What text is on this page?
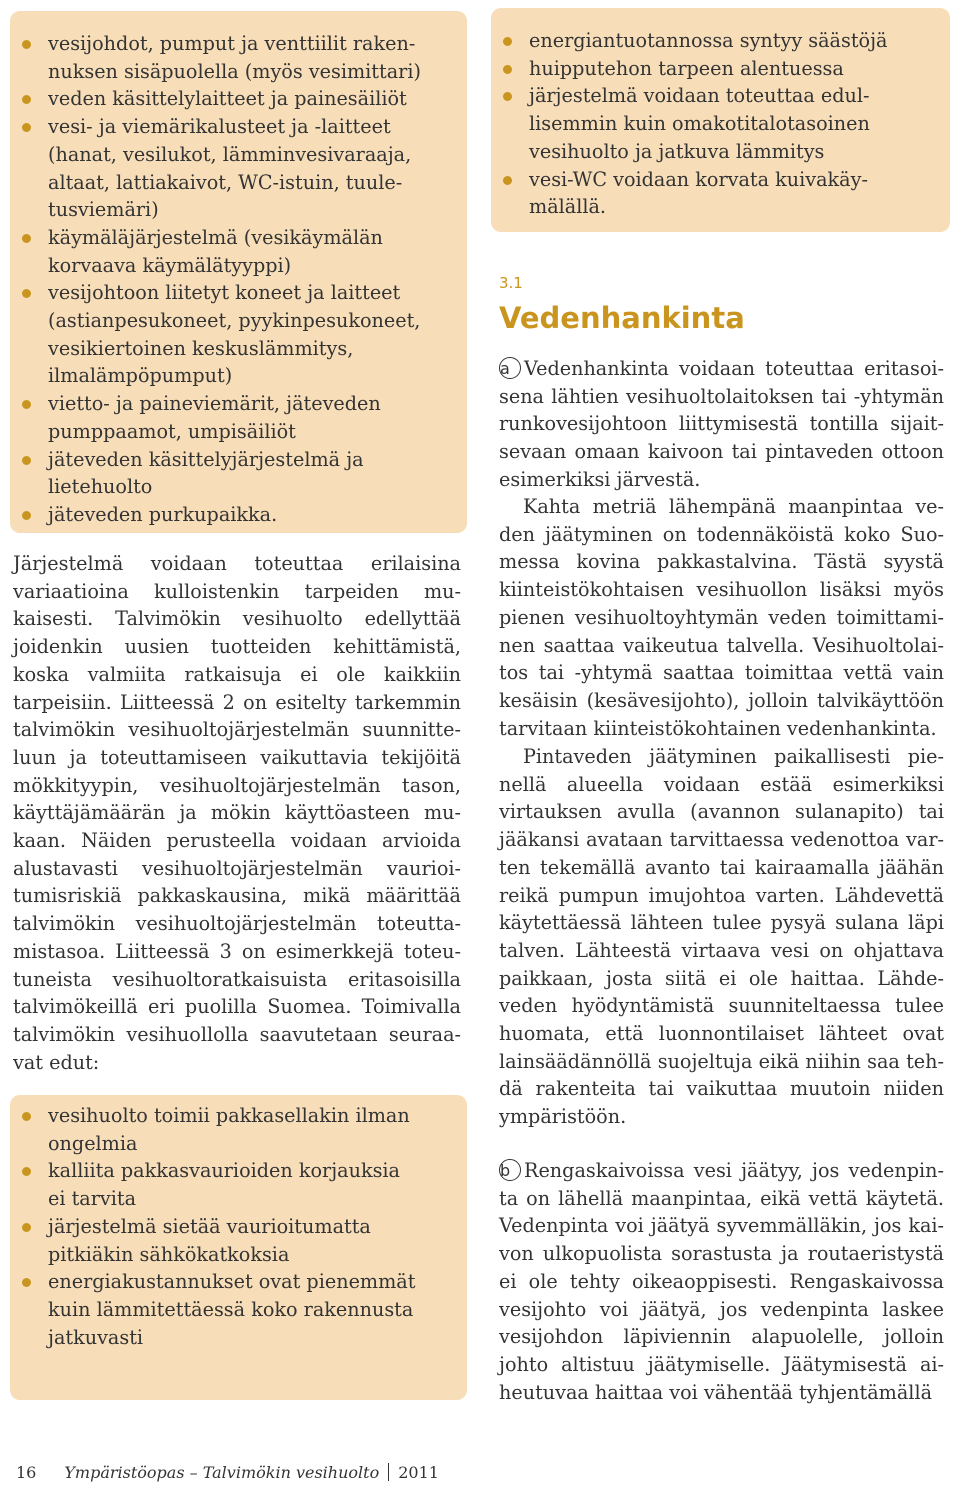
vesijohdot, pumput ja venttiilit raken-
nuksen sisäpuolella (myös vesimittari)
veden käsittelylaitteet ja painesäiliöt
vesi- ja viemärikalusteet ja -laitteet
(hanat, vesilukot, lämminvesivaraaja,
altaat, lattiakaivot, WC-istuin, tuule-
tusviemäri)
käymäläjärjestelmä (vesikäymälän
korvaava käymälätyyppi)
vesijohtoon liitetyt koneet ja laitteet
(astianpesukoneet, pyykinpesukoneet,
vesikiertoinen keskuslämmitys,
ilmalämpöpumput)
vietto- ja paineviemärit, jäteveden
pumppaamot, umpisäiliöt
jäteveden käsittelyjärjestelmä ja
lietehuolto
jäteveden purkupaikka.
Järjestelmä voidaan toteuttaa erilaisina
variaatioina kulloistenkin tarpeiden mu-
kaisesti. Talvimökin vesihuolto edellyttää
joidenkin uusien tuotteiden kehittämistä,
koska valmiita ratkaisuja ei ole kaikkiin
tarpeisiin. Liitteessä 2 on esitelty tarkemmin
talvimökin vesihuoltojärjestelmän suunnitte-
luun ja toteuttamiseen vaikuttavia tekijöitä
mökkityypin, vesihuoltojärjestelmän tason,
käyttäjämäärän ja mökin käyttöasteen mu-
kaan. Näiden perusteella voidaan arvioida
alustavasti vesihuoltojärjestelmän vaurioi-
tumisriskiä pakkaskausina, mikä määrittää
talvimökin vesihuoltojärjestelmän toteutta-
mistasoa. Liitteessä 3 on esimerkkejä toteu-
tuneista vesihuoltoratkaisuista eritasoisilla
talvimökeillä eri puolilla Suomea. Toimivalla
talvimökin vesihuollolla saavutetaan seuraa-
vat edut:
vesihuolto toimii pakkasellakin ilman
ongelmia
kalliita pakkasvaurioiden korjauksia
ei tarvita
järjestelmä sietää vaurioitumatta
pitkiäkin sähkökatkoksia
energiakustannukset ovat pienemmät
kuin lämmitettäessä koko rakennusta
jatkuvasti
energiantuotannossa syntyy säästöjä
huipputehon tarpeen alentuessa
järjestelmä voidaan toteuttaa edul-
lisemmin kuin omakotitalotasoinen
vesihuolto ja jatkuva lämmitys
vesi-WC voidaan korvata kuivakäy-
mälällä.
3.1
Vedenhankinta
a Vedenhankinta voidaan toteuttaa eritasoi-
sena lähtien vesihuoltolaitoksen tai -yhtymän
runkovesijohtoon liittymisestä tontilla sijait-
sevaan omaan kaivoon tai pintaveden ottoon
esimerkiksi järvestä.
Kahta metriä lähempänä maanpintaa ve-
den jäätyminen on todennäköistä koko Suo-
messa kovina pakkastalvina. Tästä syystä
kiinteistökohtaisen vesihuollon lisäksi myös
pienen vesihuoltoyhtymän veden toimittami-
nen saattaa vaikeutua talvella. Vesihuoltolai-
tos tai -yhtymä saattaa toimittaa vettä vain
kesäisin (kesävesijohto), jolloin talvikäyttöön
tarvitaan kiinteistökohtainen vedenhankinta.
Pintaveden jäätyminen paikallisesti pie-
nellä alueella voidaan estää esimerkiksi
virtauksen avulla (avannon sulanapito) tai
jääkansi avataan tarvittaessa vedenottoa var-
ten tekemällä avanto tai kairaamalla jäähän
reikä pumpun imujohtoa varten. Lähdevettä
käytettäessä lähteen tulee pysyä sulana läpi
talven. Lähteestä virtaava vesi on ohjattava
paikkaan, josta siitä ei ole haittaa. Lähde-
veden hyödyntämistä suunniteltaessa tulee
huomata, että luonnontilaiset lähteet ovat
lainsäädännöllä suojeltuja eikä niihin saa teh-
dä rakenteita tai vaikuttaa muutoin niiden
ympäristöön.
b Rengaskaivoissa vesi jäätyy, jos vedenpin-
ta on lähellä maanpintaa, eikä vettä käytetä.
Vedenpinta voi jäätyä syvemmälläkin, jos kai-
von ulkopuolista sorastusta ja routaeristystä
ei ole tehty oikeaoppisesti. Rengaskaivossa
vesijohto voi jäätyä, jos vedenpinta laskee
vesijohdon läpiviennin alapuolelle, jolloin
johto altistuu jäätymiselle. Jäätymisestä ai-
heutuvaa haittaa voi vähentää tyhjentämällä
16 Ympäristöopas – Talvimökin vesihuolto 2011
